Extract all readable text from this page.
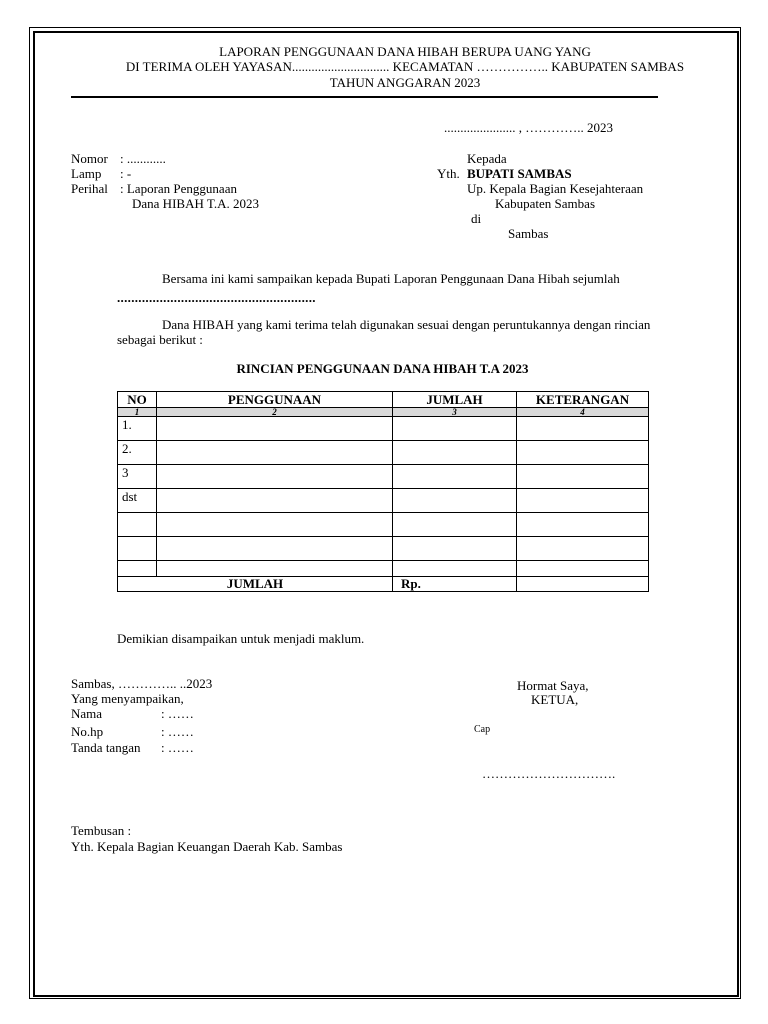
LAPORAN PENGGUNAAN DANA HIBAH BERUPA UANG YANG
DI TERIMA OLEH YAYASAN.............................. KECAMATAN …………….. KABUPATEN SAMBAS
TAHUN ANGGARAN 2023
...................... , ………….. 2023
Nomor : ............
Lamp : -
Perihal : Laporan Penggunaan
Dana HIBAH T.A. 2023
Kepada
Yth. BUPATI SAMBAS
Up. Kepala Bagian Kesejahteraan
Kabupaten Sambas
di
Sambas
Bersama ini kami sampaikan kepada Bupati Laporan Penggunaan Dana Hibah sejumlah
........................................................
Dana HIBAH yang kami terima telah digunakan sesuai dengan peruntukannya dengan rincian
sebagai berikut :
RINCIAN PENGGUNAAN DANA HIBAH T.A 2023
NO	PENGGUNAAN	JUMLAH	KETERANGAN
1	2	3	4
1.			
2.			
3			
dst			

JUMLAH		Rp.	
Demikian disampaikan untuk menjadi maklum.
Sambas, ………….. ..2023
Yang menyampaikan,
Nama	: ……
No.hp	: ……
Tanda tangan : ……
Hormat Saya,
KETUA,
Cap
………………………….
Tembusan :
Yth. Kepala Bagian Keuangan Daerah Kab. Sambas
